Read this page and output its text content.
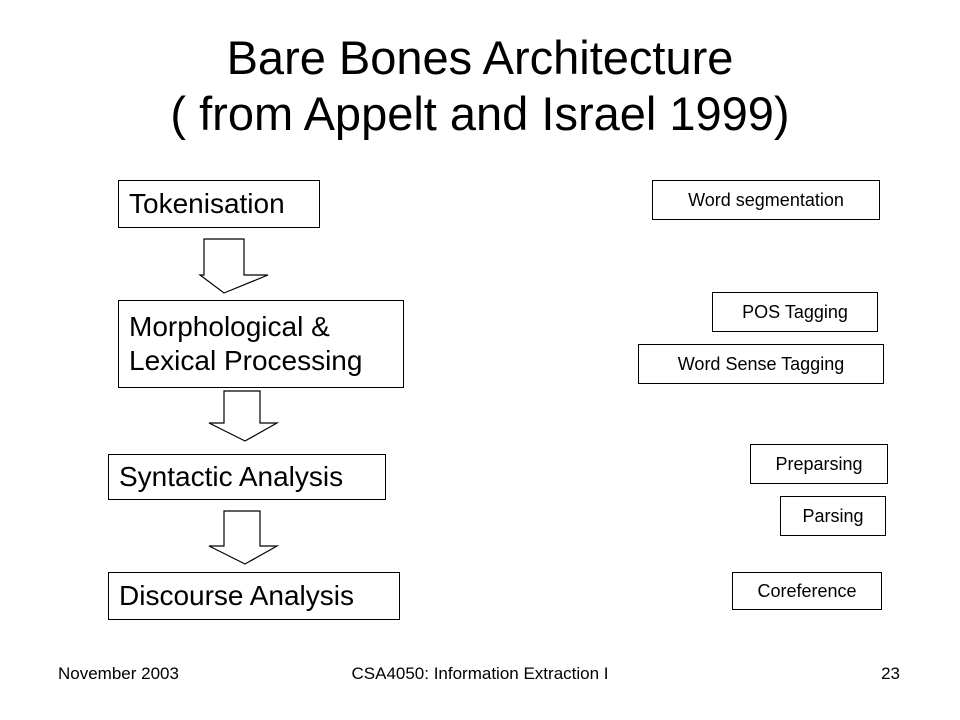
Bare Bones Architecture
( from Appelt and Israel 1999)
Tokenisation
Morphological &
Lexical Processing
Syntactic Analysis
Discourse Analysis
Word segmentation
POS Tagging
Word Sense Tagging
Preparsing
Parsing
Coreference
November 2003	CSA4050: Information Extraction I	23
